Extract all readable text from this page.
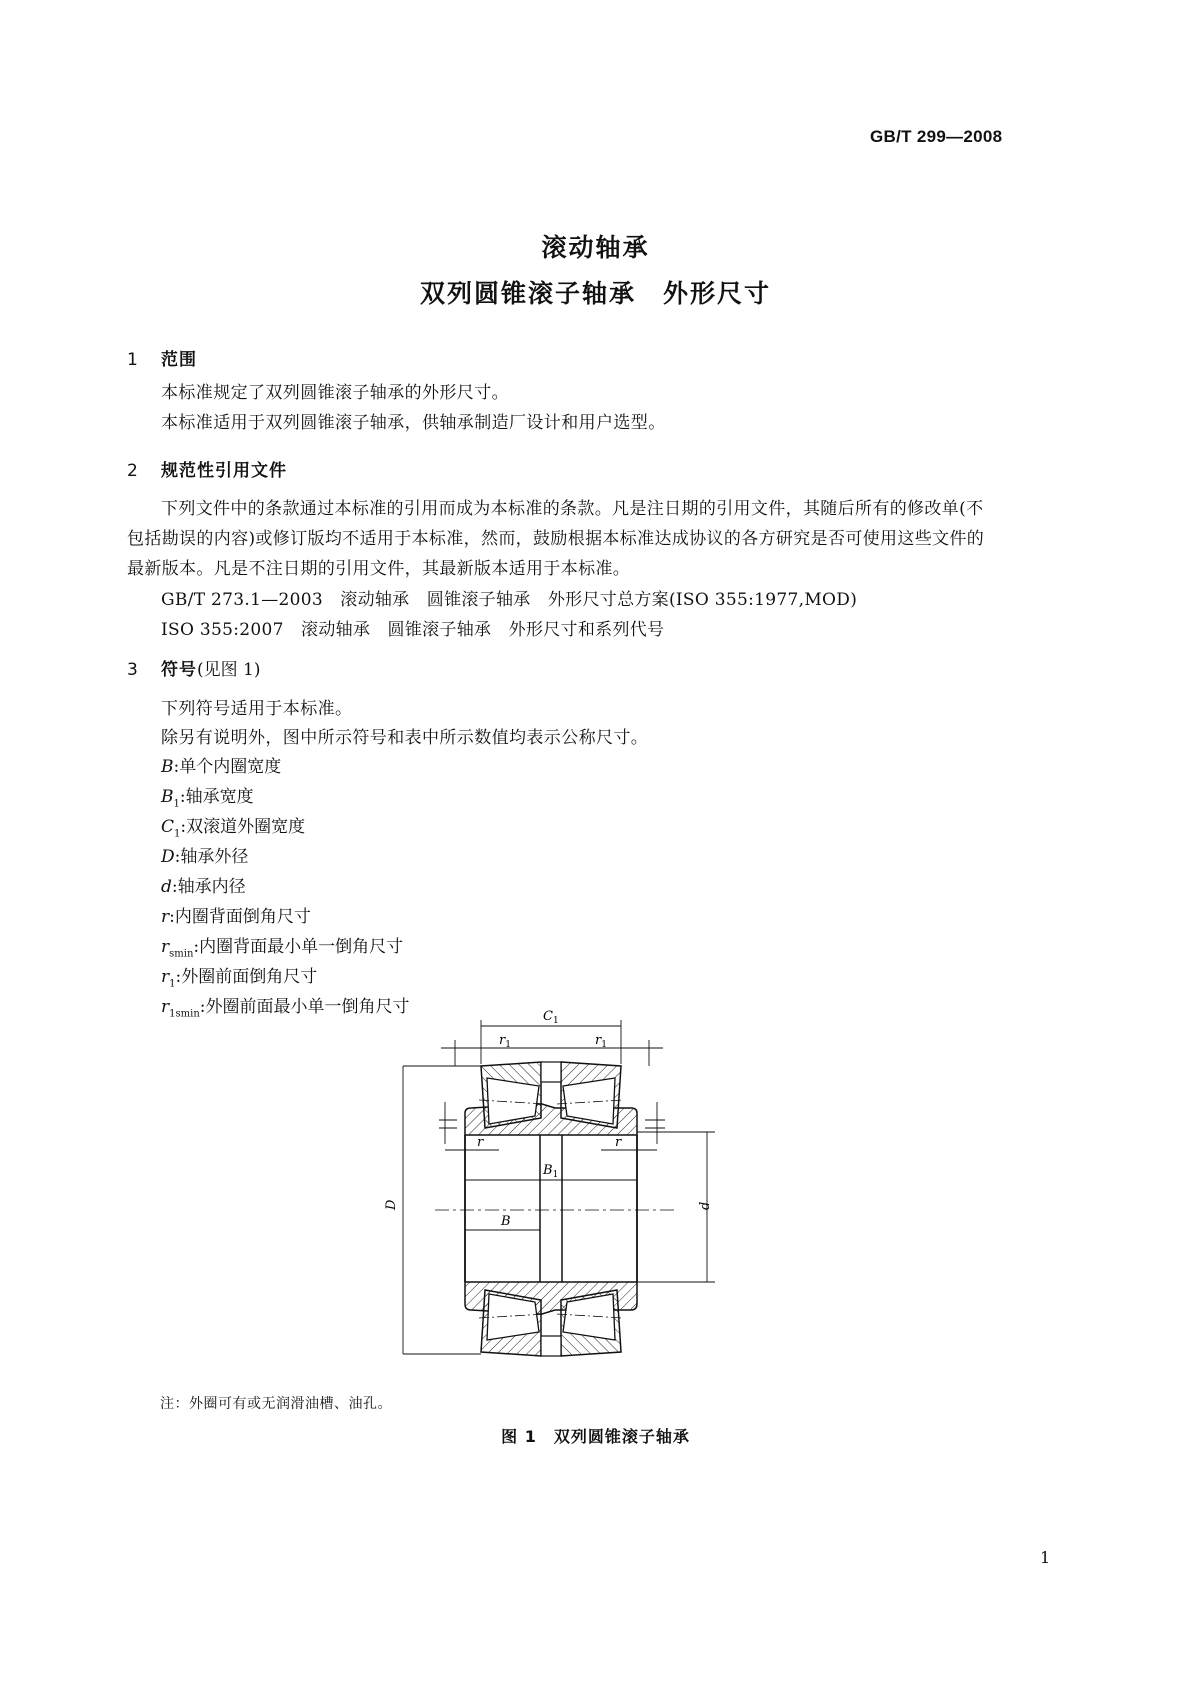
GB/T 299—2008
滚动轴承
双列圆锥滚子轴承　外形尺寸
1 范围
本标准规定了双列圆锥滚子轴承的外形尺寸。
本标准适用于双列圆锥滚子轴承，供轴承制造厂设计和用户选型。
2 规范性引用文件
下列文件中的条款通过本标准的引用而成为本标准的条款。凡是注日期的引用文件，其随后所有的修改单(不包括勘误的内容)或修订版均不适用于本标准，然而，鼓励根据本标准达成协议的各方研究是否可使用这些文件的最新版本。凡是不注日期的引用文件，其最新版本适用于本标准。
GB/T 273.1—2003　滚动轴承　圆锥滚子轴承　外形尺寸总方案(ISO 355:1977,MOD)
ISO 355:2007　滚动轴承　圆锥滚子轴承　外形尺寸和系列代号
3 符号(见图 1)
下列符号适用于本标准。
除另有说明外，图中所示符号和表中所示数值均表示公称尺寸。
B:单个内圈宽度
$B_1$:轴承宽度
$C_1$:双滚道外圈宽度
D:轴承外径
d:轴承内径
r:内圈背面倒角尺寸
$r_{smin}$:内圈背面最小单一倒角尺寸
$r_1$:外圈前面倒角尺寸
$r_{1smin}$:外圈前面最小单一倒角尺寸	$C_1$
$r_1$	$r_1$
r	r
$B_1$
B
D	d
注：外圈可有或无润滑油槽、油孔。
图 1　双列圆锥滚子轴承
1
